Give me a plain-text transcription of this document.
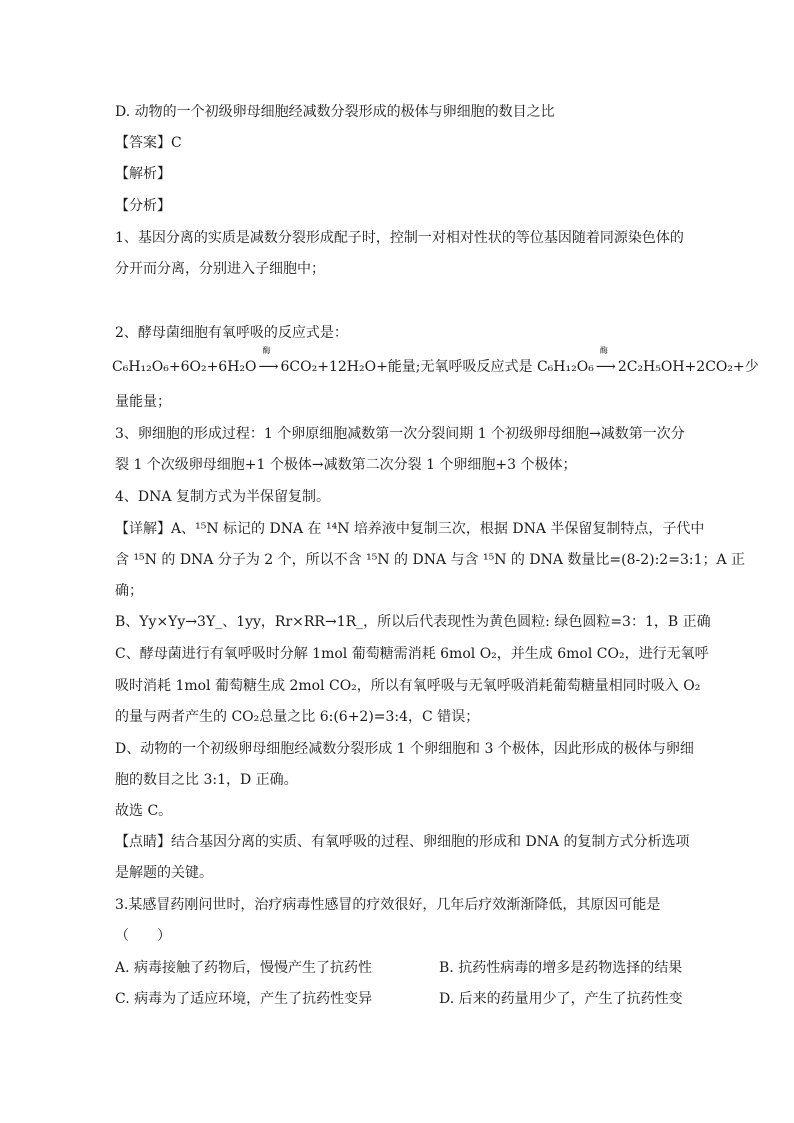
D. 动物的一个初级卵母细胞经减数分裂形成的极体与卵细胞的数目之比
【答案】C
【解析】
【分析】
1、基因分离的实质是减数分裂形成配子时，控制一对相对性状的等位基因随着同源染色体的
分开而分离，分别进入子细胞中；
2、酵母菌细胞有氧呼吸的反应式是：
C₆H₁₂O₆+6O₂+6H₂O
酶
⟶ 6CO₂+12H₂O+能量;无氧呼吸反应式是 C₆H₁₂O₆
酶
⟶ 2C₂H₅OH+2CO₂+少
量能量；
3、卵细胞的形成过程：1 个卵原细胞减数第一次分裂间期 1 个初级卵母细胞→减数第一次分
裂 1 个次级卵母细胞+1 个极体→减数第二次分裂 1 个卵细胞+3 个极体；
4、DNA 复制方式为半保留复制。
【详解】A、¹⁵N 标记的 DNA 在 ¹⁴N 培养液中复制三次，根据 DNA 半保留复制特点，子代中
含 ¹⁵N 的 DNA 分子为 2 个，所以不含 ¹⁵N 的 DNA 与含 ¹⁵N 的 DNA 数量比=(8-2):2=3:1；A 正
确；
B、Yy×Yy→3Y_、1yy，Rr×RR→1R_，所以后代表现性为黄色圆粒: 绿色圆粒=3：1，B 正确
C、酵母菌进行有氧呼吸时分解 1mol 葡萄糖需消耗 6mol O₂，并生成 6mol CO₂，进行无氧呼
吸时消耗 1mol 葡萄糖生成 2mol CO₂，所以有氧呼吸与无氧呼吸消耗葡萄糖量相同时吸入 O₂
的量与两者产生的 CO₂总量之比 6:(6+2)=3:4，C 错误；
D、动物的一个初级卵母细胞经减数分裂形成 1 个卵细胞和 3 个极体，因此形成的极体与卵细
胞的数目之比 3:1，D 正确。
故选 C。
【点睛】结合基因分离的实质、有氧呼吸的过程、卵细胞的形成和 DNA 的复制方式分析选项
是解题的关键。
3.某感冒药刚问世时，治疗病毒性感冒的疗效很好，几年后疗效渐渐降低，其原因可能是
（　　）
A. 病毒接触了药物后，慢慢产生了抗药性	B. 抗药性病毒的增多是药物选择的结果
C. 病毒为了适应环境，产生了抗药性变异	D. 后来的药量用少了，产生了抗药性变
